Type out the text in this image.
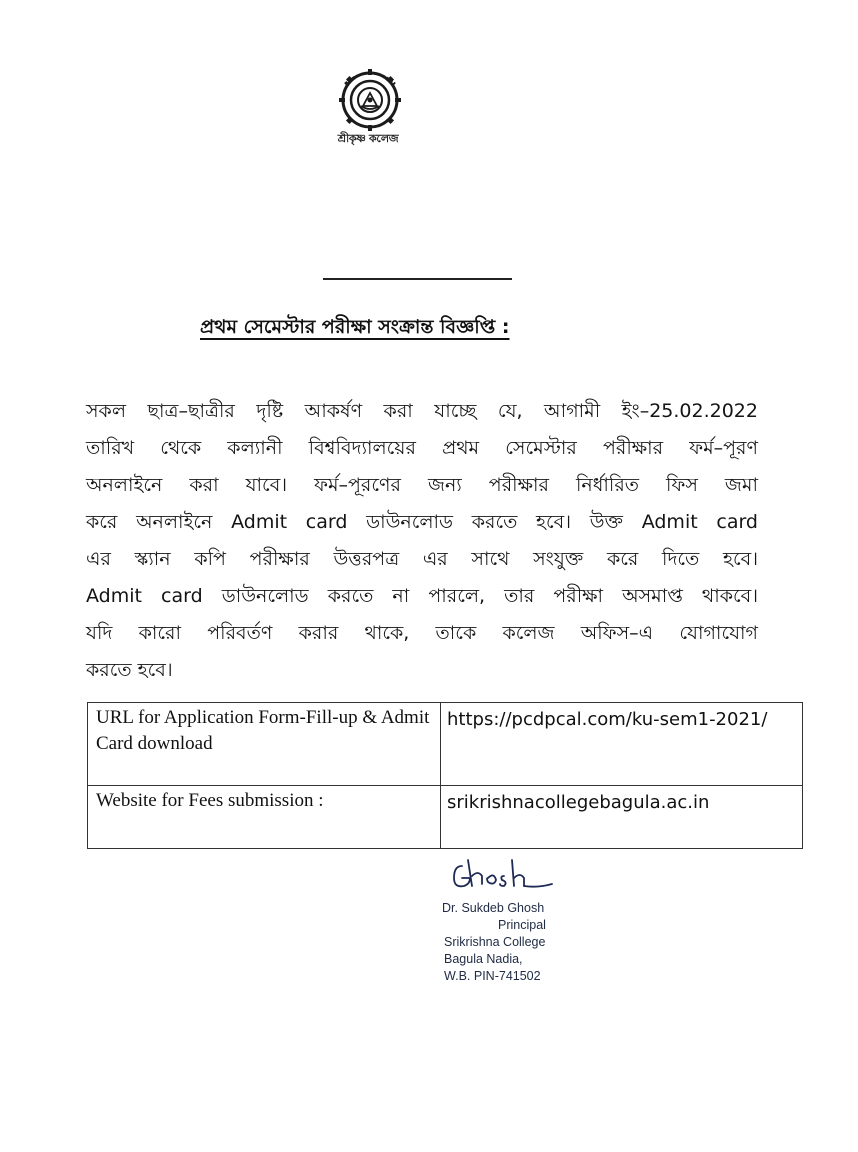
শ্রীকৃষ্ণ কলেজ
প্রথম সেমেস্টার পরীক্ষা সংক্রান্ত বিজ্ঞপ্তি :
সকল ছাত্র–ছাত্রীর দৃষ্টি আকর্ষণ করা যাচ্ছে যে, আগামী ইং–25.02.2022
তারিখ থেকে কল্যানী বিশ্ববিদ্যালয়ের প্রথম সেমেস্টার পরীক্ষার ফর্ম–পূরণ
অনলাইনে করা যাবে। ফর্ম–পূরণের জন্য পরীক্ষার নির্ধারিত ফিস জমা
করে অনলাইনে Admit card ডাউনলোড করতে হবে। উক্ত Admit card
এর স্ক্যান কপি পরীক্ষার উত্তরপত্র এর সাথে সংযুক্ত করে দিতে হবে।
Admit card ডাউনলোড করতে না পারলে, তার পরীক্ষা অসমাপ্ত থাকবে।
যদি কারো পরিবর্তণ করার থাকে, তাকে কলেজ অফিস–এ যোগাযোগ
করতে হবে।
URL for Application Form-Fill-up & Admit Card download	https://pcdpcal.com/ku-sem1-2021/
Website for Fees submission :	srikrishnacollegebagula.ac.in
Dr. Sukdeb Ghosh
Principal
Srikrishna College
Bagula Nadia,
W.B. PIN-741502
